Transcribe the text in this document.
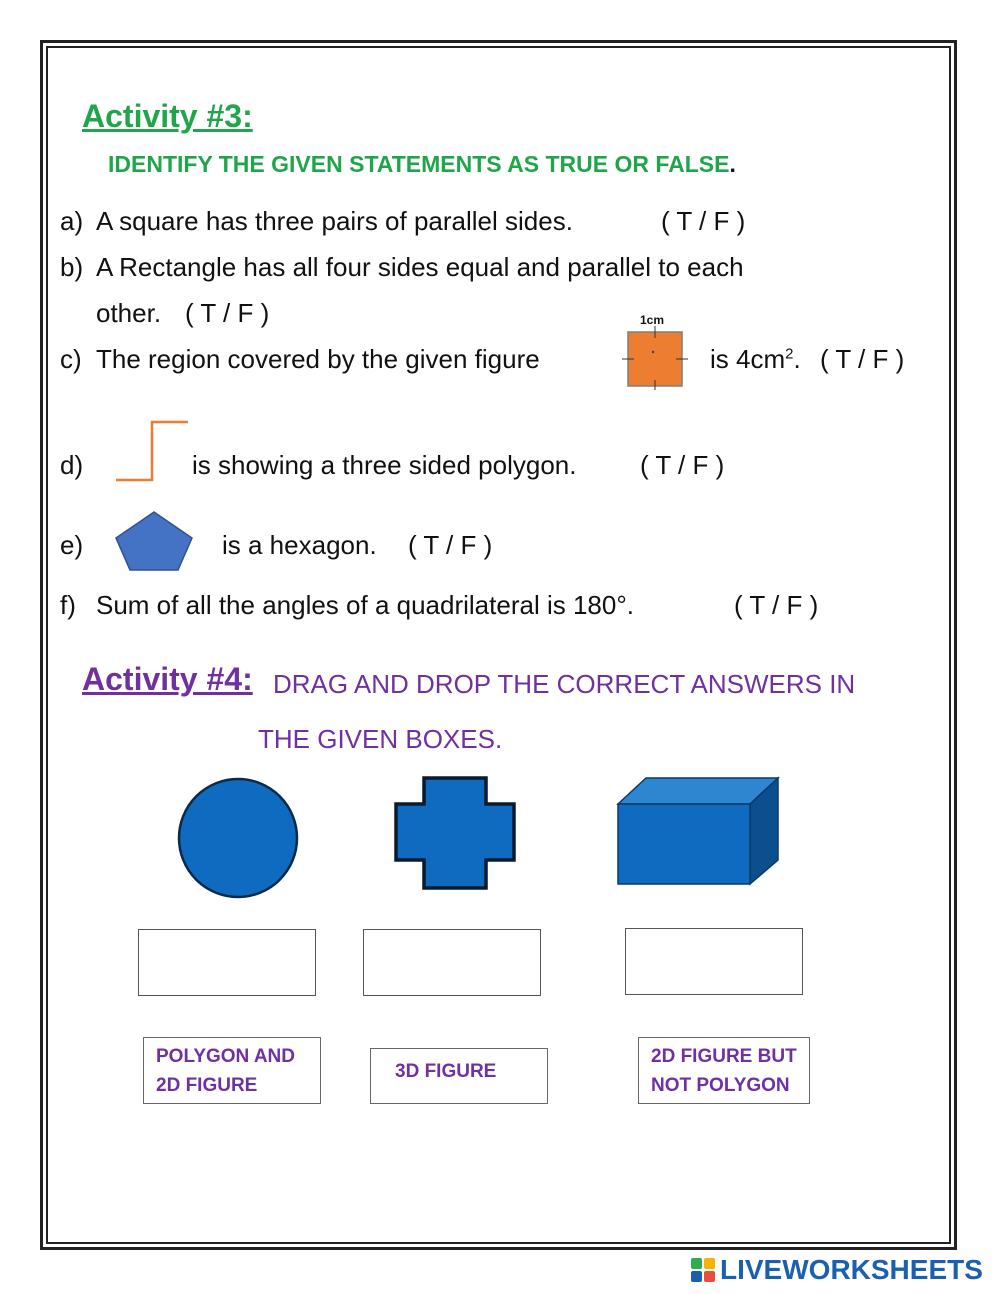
Activity #3:
IDENTIFY THE GIVEN STATEMENTS AS TRUE OR FALSE.
a) A square has three pairs of parallel sides.	( T / F )
b) A Rectangle has all four sides equal and parallel to each
other. ( T / F )
c) The region covered by the given figure
1cm
is $4cm^2$. ( T / F )
d)	is showing a three sided polygon. ( T / F )
e)	is a hexagon. ( T / F )
f) Sum of all the angles of a quadrilateral is 180°.	( T / F )
Activity #4: DRAG AND DROP THE CORRECT ANSWERS IN
THE GIVEN BOXES.
POLYGON AND
2D FIGURE
3D FIGURE
2D FIGURE BUT
NOT POLYGON
LIVEWORKSHEETS
